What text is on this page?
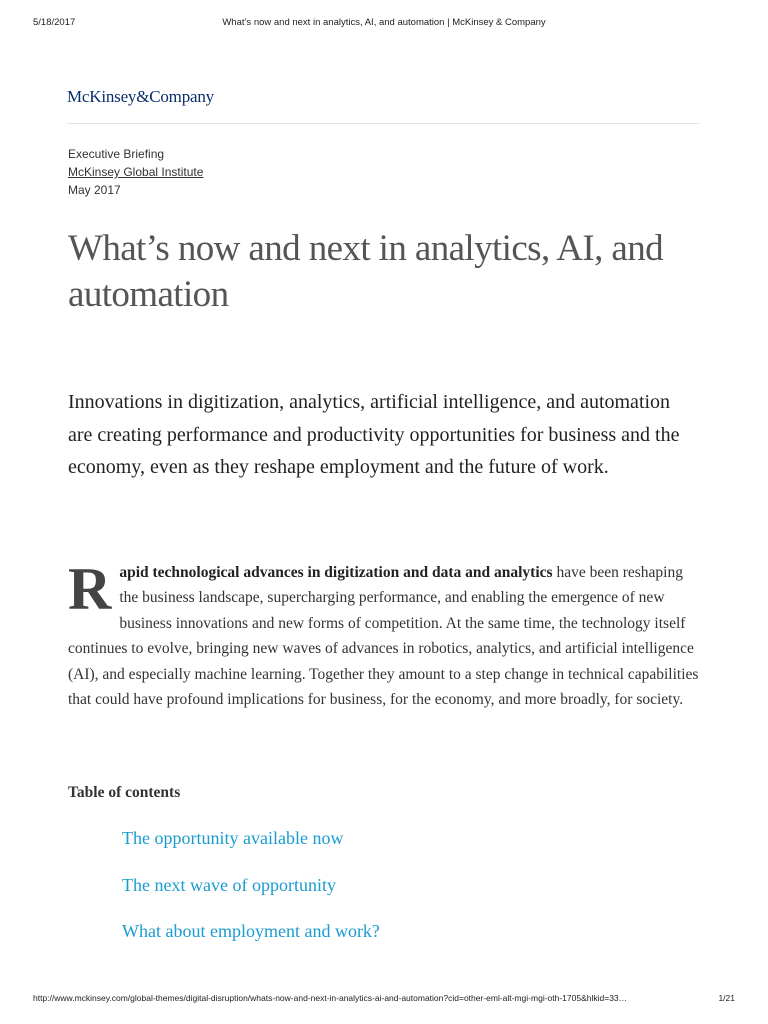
5/18/2017	What’s now and next in analytics, AI, and automation | McKinsey & Company
McKinsey&Company
Executive Briefing
McKinsey Global Institute
May 2017
What’s now and next in analytics, AI, and automation

Innovations in digitization, analytics, artificial intelligence, and automation are creating performance and productivity opportunities for business and the economy, even as they reshape employment and the future of work.

Rapid technological advances in digitization and data and analytics have been reshaping the business landscape, supercharging performance, and enabling the emergence of new business innovations and new forms of competition. At the same time, the technology itself continues to evolve, bringing new waves of advances in robotics, analytics, and artificial intelligence (AI), and especially machine learning. Together they amount to a step change in technical capabilities that could have profound implications for business, for the economy, and more broadly, for society.

Table of contents
The opportunity available now
The next wave of opportunity
What about employment and work?
http://www.mckinsey.com/global-themes/digital-disruption/whats-now-and-next-in-analytics-ai-and-automation?cid=other-eml-alt-mgi-mgi-oth-1705&hlkid=33…	1/21
